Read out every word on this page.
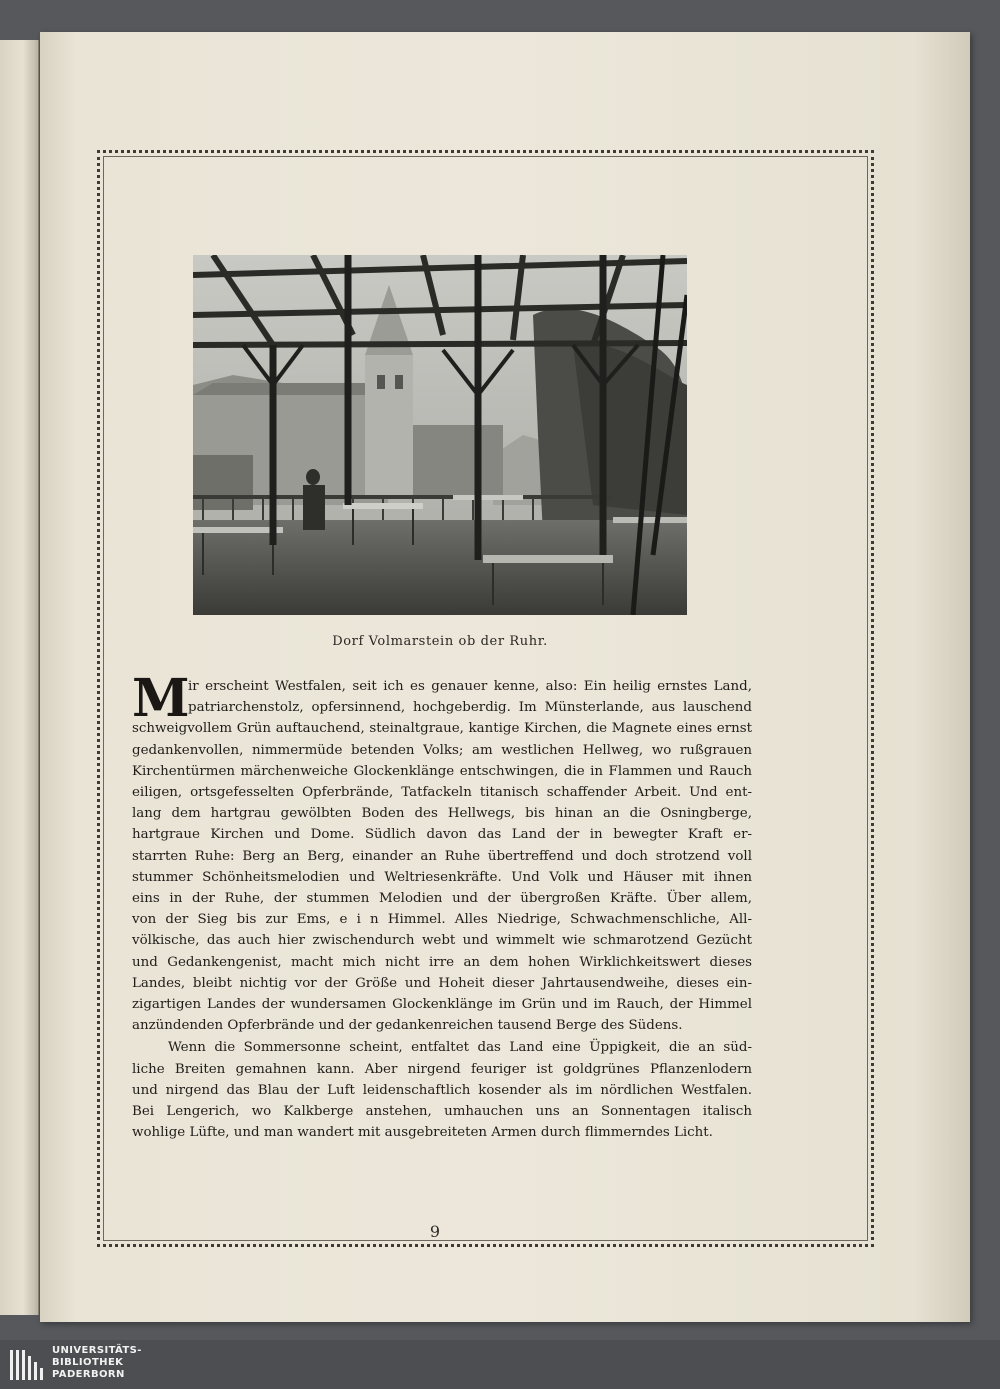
Dorf Volmarstein ob der Ruhr.
M

ir erscheint Westfalen, seit ich es genauer kenne, also: Ein heilig ernstes Land,
patriarchenstolz, opfersinnend, hochgeberdig. Im Münsterlande, aus lauschend
schweigvollem Grün auftauchend, steinaltgraue, kantige Kirchen, die Magnete eines ernst
gedankenvollen, nimmermüde betenden Volks; am westlichen Hellweg, wo rußgrauen
Kirchentürmen märchenweiche Glockenklänge entschwingen, die in Flammen und Rauch
eiligen, ortsgefesselten Opferbrände, Tatfackeln titanisch schaffender Arbeit. Und ent-
lang dem hartgrau gewölbten Boden des Hellwegs, bis hinan an die Osningberge,
hartgraue Kirchen und Dome. Südlich davon das Land der in bewegter Kraft er-
starrten Ruhe: Berg an Berg, einander an Ruhe übertreffend und doch strotzend voll
stummer Schönheitsmelodien und Weltriesenkräfte. Und Volk und Häuser mit ihnen
eins in der Ruhe, der stummen Melodien und der übergroßen Kräfte. Über allem,
von der Sieg bis zur Ems, e i n Himmel. Alles Niedrige, Schwachmenschliche, All-
völkische, das auch hier zwischendurch webt und wimmelt wie schmarotzend Gezücht
und Gedankengenist, macht mich nicht irre an dem hohen Wirklichkeitswert dieses
Landes, bleibt nichtig vor der Größe und Hoheit dieser Jahrtausendweihe, dieses ein-
zigartigen Landes der wundersamen Glockenklänge im Grün und im Rauch, der Himmel
anzündenden Opferbrände und der gedankenreichen tausend Berge des Südens.

Wenn die Sommersonne scheint, entfaltet das Land eine Üppigkeit, die an süd-
liche Breiten gemahnen kann. Aber nirgend feuriger ist goldgrünes Pflanzenlodern
und nirgend das Blau der Luft leidenschaftlich kosender als im nördlichen Westfalen.
Bei Lengerich, wo Kalkberge anstehen, umhauchen uns an Sonnentagen italisch
wohlige Lüfte, und man wandert mit ausgebreiteten Armen durch flimmerndes Licht.

9
UNIVERSITÄTS-
BIBLIOTHEK
PADERBORN
